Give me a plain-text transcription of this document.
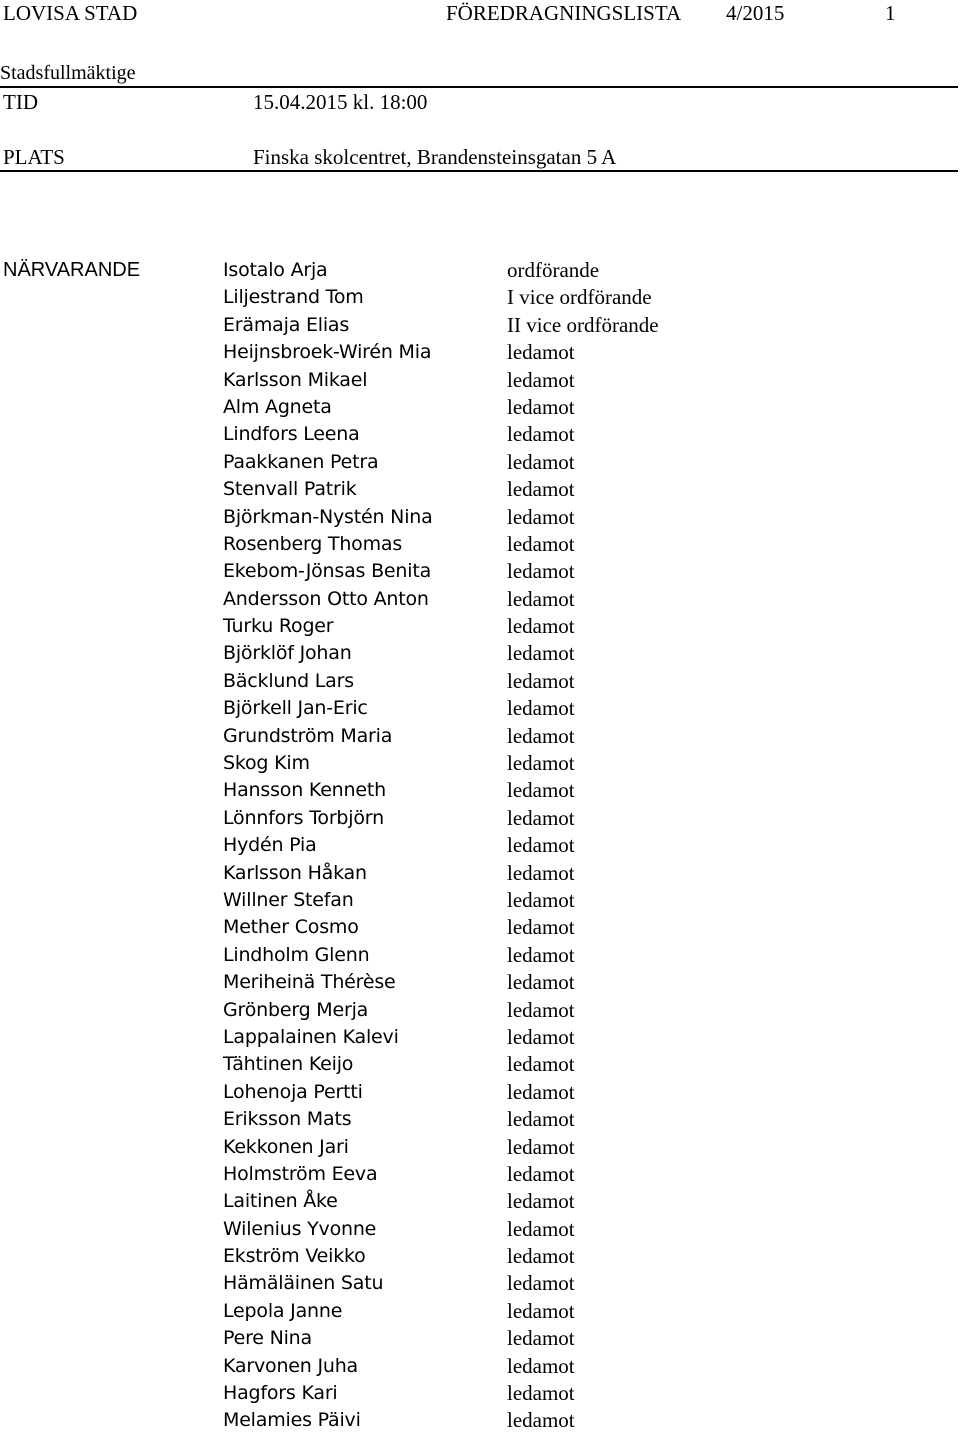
LOVISA STAD	FÖREDRAGNINGSLISTA 4/2015	1
Stadsfullmäktige
TID	15.04.2015 kl. 18:00
PLATS	Finska skolcentret, Brandensteinsgatan 5 A
NÄRVARANDE	Isotalo Arja	ordförande
Liljestrand Tom	I vice ordförande
Erämaja Elias	II vice ordförande
Heijnsbroek-Wirén Mia	ledamot
Karlsson Mikael	ledamot
Alm Agneta	ledamot
Lindfors Leena	ledamot
Paakkanen Petra	ledamot
Stenvall Patrik	ledamot
Björkman-Nystén Nina	ledamot
Rosenberg Thomas	ledamot
Ekebom-Jönsas Benita	ledamot
Andersson Otto Anton	ledamot
Turku Roger	ledamot
Björklöf Johan	ledamot
Bäcklund Lars	ledamot
Björkell Jan-Eric	ledamot
Grundström Maria	ledamot
Skog Kim	ledamot
Hansson Kenneth	ledamot
Lönnfors Torbjörn	ledamot
Hydén Pia	ledamot
Karlsson Håkan	ledamot
Willner Stefan	ledamot
Mether Cosmo	ledamot
Lindholm Glenn	ledamot
Meriheinä Thérèse	ledamot
Grönberg Merja	ledamot
Lappalainen Kalevi	ledamot
Tähtinen Keijo	ledamot
Lohenoja Pertti	ledamot
Eriksson Mats	ledamot
Kekkonen Jari	ledamot
Holmström Eeva	ledamot
Laitinen Åke	ledamot
Wilenius Yvonne	ledamot
Ekström Veikko	ledamot
Hämäläinen Satu	ledamot
Lepola Janne	ledamot
Pere Nina	ledamot
Karvonen Juha	ledamot
Hagfors Kari	ledamot
Melamies Päivi	ledamot
